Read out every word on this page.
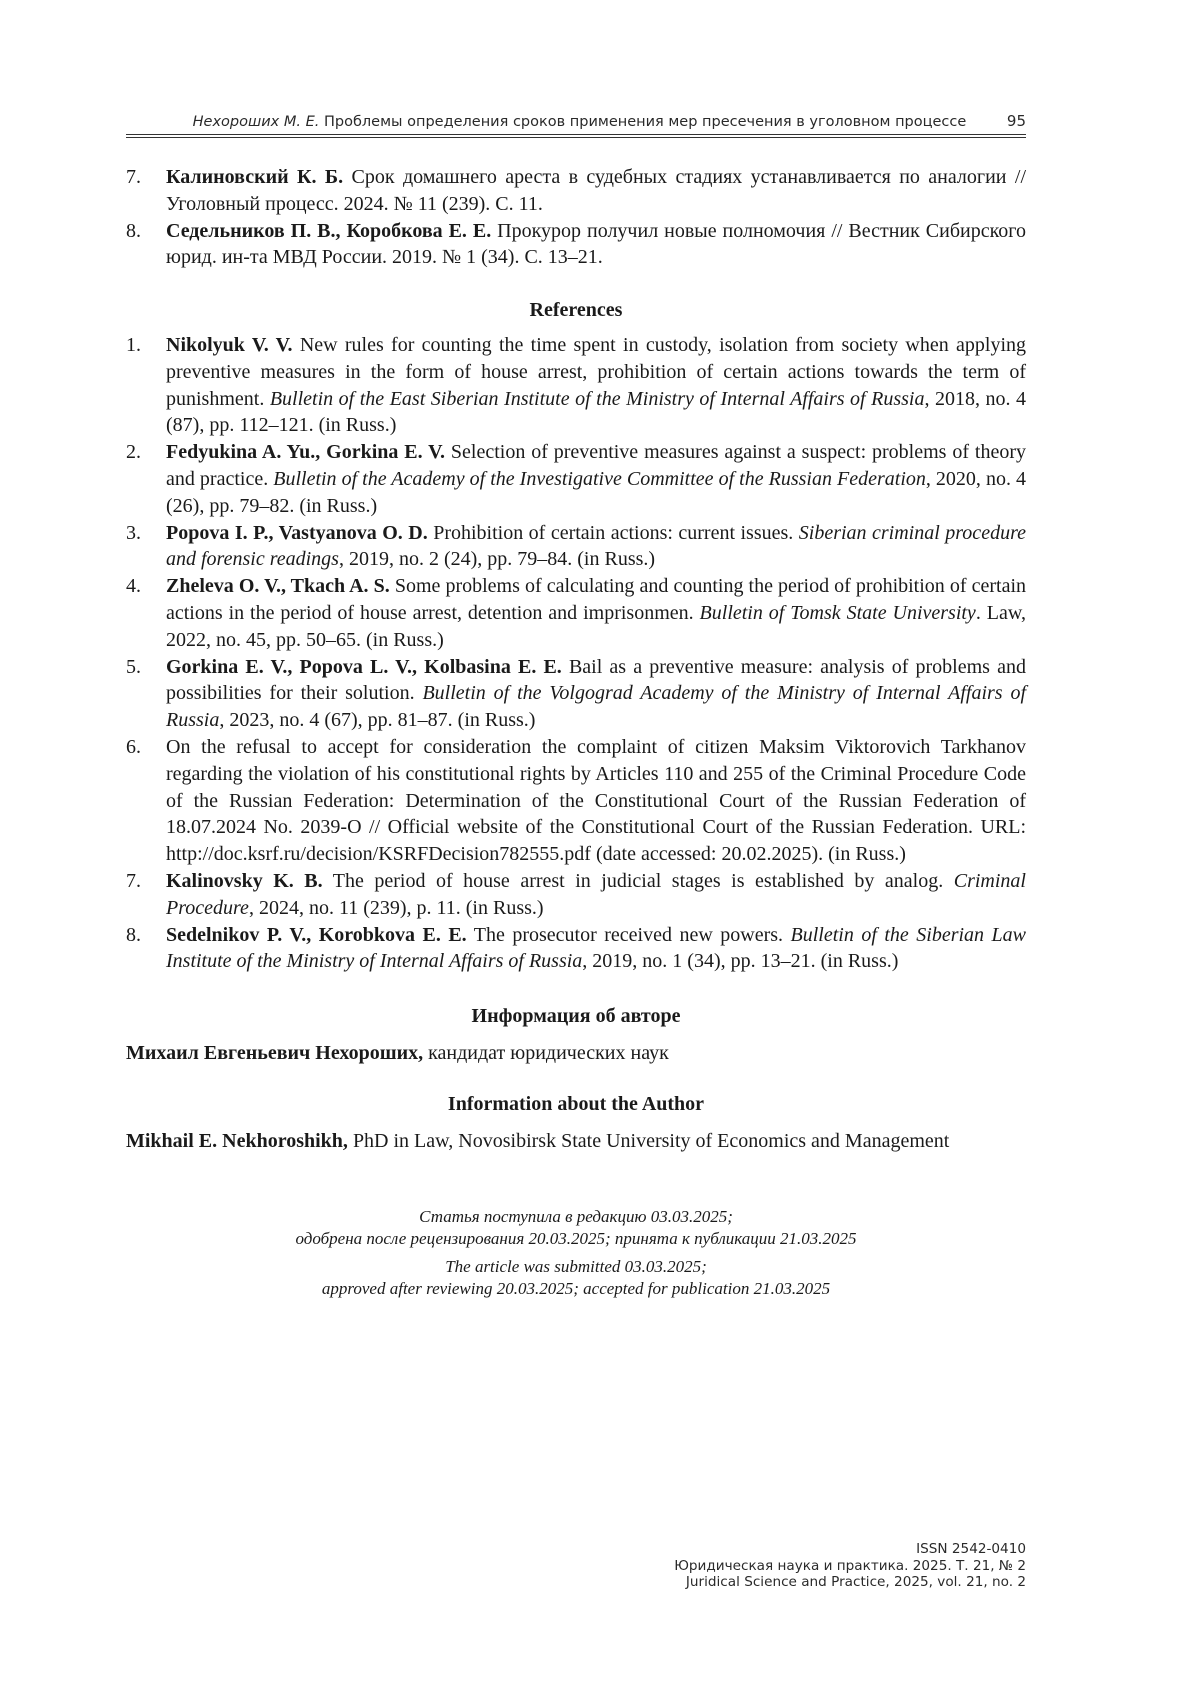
Нехороших М. Е. Проблемы определения сроков применения мер пресечения в уголовном процессе	95
7. Калиновский К. Б. Срок домашнего ареста в судебных стадиях устанавливается по аналогии // Уголовный процесс. 2024. № 11 (239). С. 11.
8. Седельников П. В., Коробкова Е. Е. Прокурор получил новые полномочия // Вестник Сибирского юрид. ин-та МВД России. 2019. № 1 (34). С. 13–21.

References

1. Nikolyuk V. V. New rules for counting the time spent in custody, isolation from society when applying preventive measures in the form of house arrest, prohibition of certain actions towards the term of punishment. Bulletin of the East Siberian Institute of the Ministry of Internal Affairs of Russia, 2018, no. 4 (87), pp. 112–121. (in Russ.)
2. Fedyukina A. Yu., Gorkina E. V. Selection of preventive measures against a suspect: problems of theory and practice. Bulletin of the Academy of the Investigative Committee of the Russian Federation, 2020, no. 4 (26), pp. 79–82. (in Russ.)
3. Popova I. P., Vastyanova O. D. Prohibition of certain actions: current issues. Siberian criminal procedure and forensic readings, 2019, no. 2 (24), pp. 79–84. (in Russ.)
4. Zheleva O. V., Tkach A. S. Some problems of calculating and counting the period of prohibition of certain actions in the period of house arrest, detention and imprisonmen. Bulletin of Tomsk State University. Law, 2022, no. 45, pp. 50–65. (in Russ.)
5. Gorkina E. V., Popova L. V., Kolbasina E. E. Bail as a preventive measure: analysis of problems and possibilities for their solution. Bulletin of the Volgograd Academy of the Ministry of Internal Affairs of Russia, 2023, no. 4 (67), pp. 81–87. (in Russ.)
6. On the refusal to accept for consideration the complaint of citizen Maksim Viktorovich Tarkhanov regarding the violation of his constitutional rights by Articles 110 and 255 of the Criminal Procedure Code of the Russian Federation: Determination of the Constitutional Court of the Russian Federation of 18.07.2024 No. 2039-O // Official website of the Constitutional Court of the Russian Federation. URL: http://doc.ksrf.ru/decision/KSRFDecision782555.pdf (date accessed: 20.02.2025). (in Russ.)
7. Kalinovsky K. B. The period of house arrest in judicial stages is established by analog. Criminal Procedure, 2024, no. 11 (239), p. 11. (in Russ.)
8. Sedelnikov P. V., Korobkova E. E. The prosecutor received new powers. Bulletin of the Siberian Law Institute of the Ministry of Internal Affairs of Russia, 2019, no. 1 (34), pp. 13–21. (in Russ.)

Информация об авторе

Михаил Евгеньевич Нехороших, кандидат юридических наук

Information about the Author

Mikhail E. Nekhoroshikh, PhD in Law, Novosibirsk State University of Economics and Management

Статья поступила в редакцию 03.03.2025;

одобрена после рецензирования 20.03.2025; принята к публикации 21.03.2025

The article was submitted 03.03.2025;

approved after reviewing 20.03.2025; accepted for publication 21.03.2025

ISSN 2542-0410

Юридическая наука и практика. 2025. Т. 21, № 2

Juridical Science and Practice, 2025, vol. 21, no. 2
